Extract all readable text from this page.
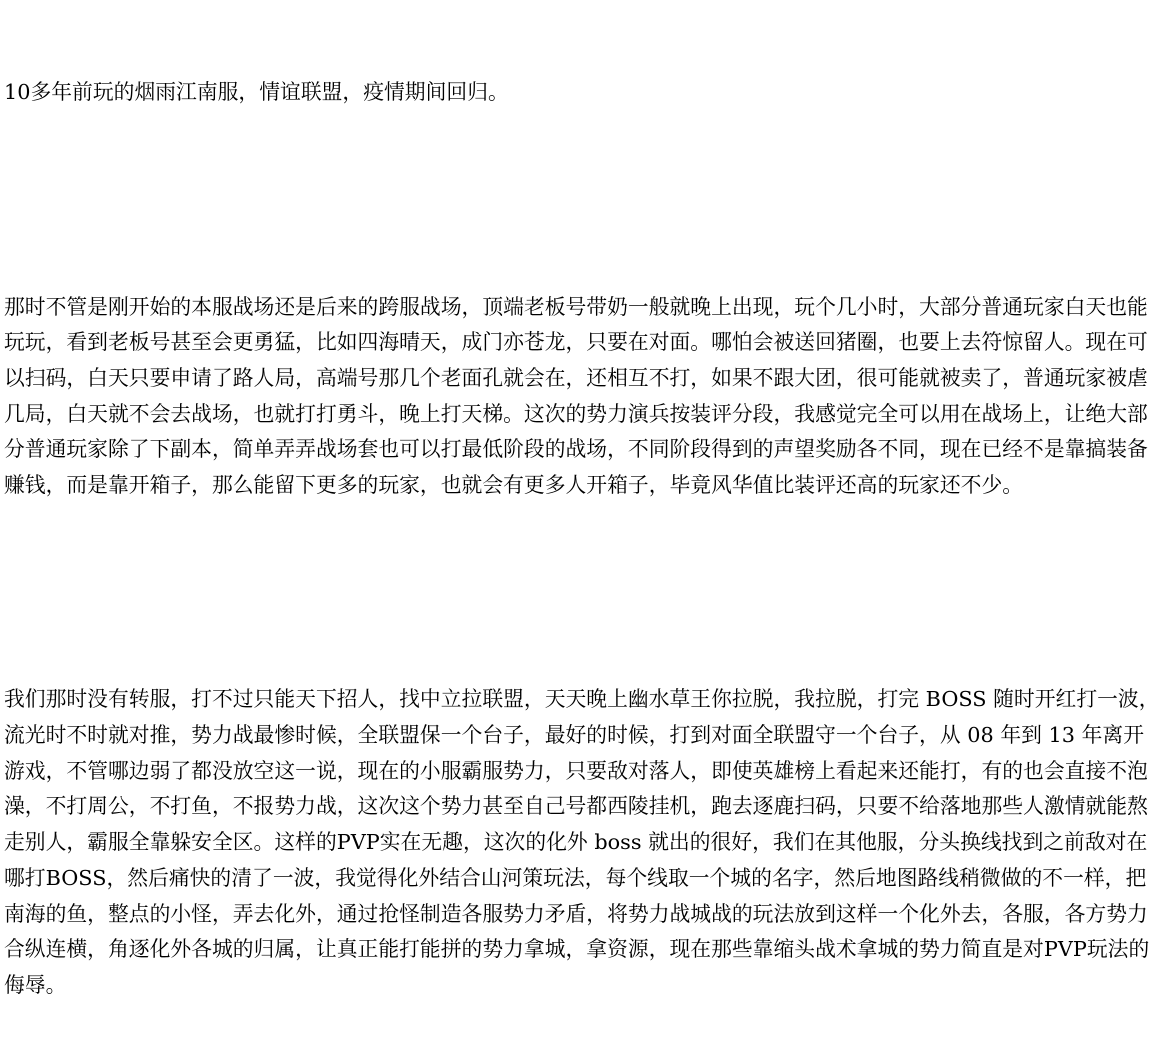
10多年前玩的烟雨江南服，情谊联盟，疫情期间回归。

那时不管是刚开始的本服战场还是后来的跨服战场，顶端老板号带奶一般就晚上出现，玩个几小时，大部分普通玩家白天也能玩玩，看到老板号甚至会更勇猛，比如四海晴天，成门亦苍龙，只要在对面。哪怕会被送回猪圈，也要上去符惊留人。现在可以扫码，白天只要申请了路人局，高端号那几个老面孔就会在，还相互不打，如果不跟大团，很可能就被卖了，普通玩家被虐几局，白天就不会去战场，也就打打勇斗，晚上打天梯。这次的势力演兵按装评分段，我感觉完全可以用在战场上，让绝大部分普通玩家除了下副本，简单弄弄战场套也可以打最低阶段的战场，不同阶段得到的声望奖励各不同，现在已经不是靠搞装备赚钱，而是靠开箱子，那么能留下更多的玩家，也就会有更多人开箱子，毕竟风华值比装评还高的玩家还不少。

我们那时没有转服，打不过只能天下招人，找中立拉联盟，天天晚上幽水草王你拉脱，我拉脱，打完 BOSS 随时开红打一波，流光时不时就对推，势力战最惨时候，全联盟保一个台子，最好的时候，打到对面全联盟守一个台子，从 08 年到 13 年离开游戏，不管哪边弱了都没放空这一说，现在的小服霸服势力，只要敌对落人，即使英雄榜上看起来还能打，有的也会直接不泡澡，不打周公，不打鱼，不报势力战，这次这个势力甚至自己号都西陵挂机，跑去逐鹿扫码，只要不给落地那些人激情就能熬走别人，霸服全靠躲安全区。这样的PVP实在无趣，这次的化外 boss 就出的很好，我们在其他服，分头换线找到之前敌对在哪打BOSS，然后痛快的清了一波，我觉得化外结合山河策玩法，每个线取一个城的名字，然后地图路线稍微做的不一样，把南海的鱼，整点的小怪，弄去化外，通过抢怪制造各服势力矛盾，将势力战城战的玩法放到这样一个化外去，各服，各方势力合纵连横，角逐化外各城的归属，让真正能打能拼的势力拿城，拿资源，现在那些靠缩头战术拿城的势力简直是对PVP玩法的侮辱。
